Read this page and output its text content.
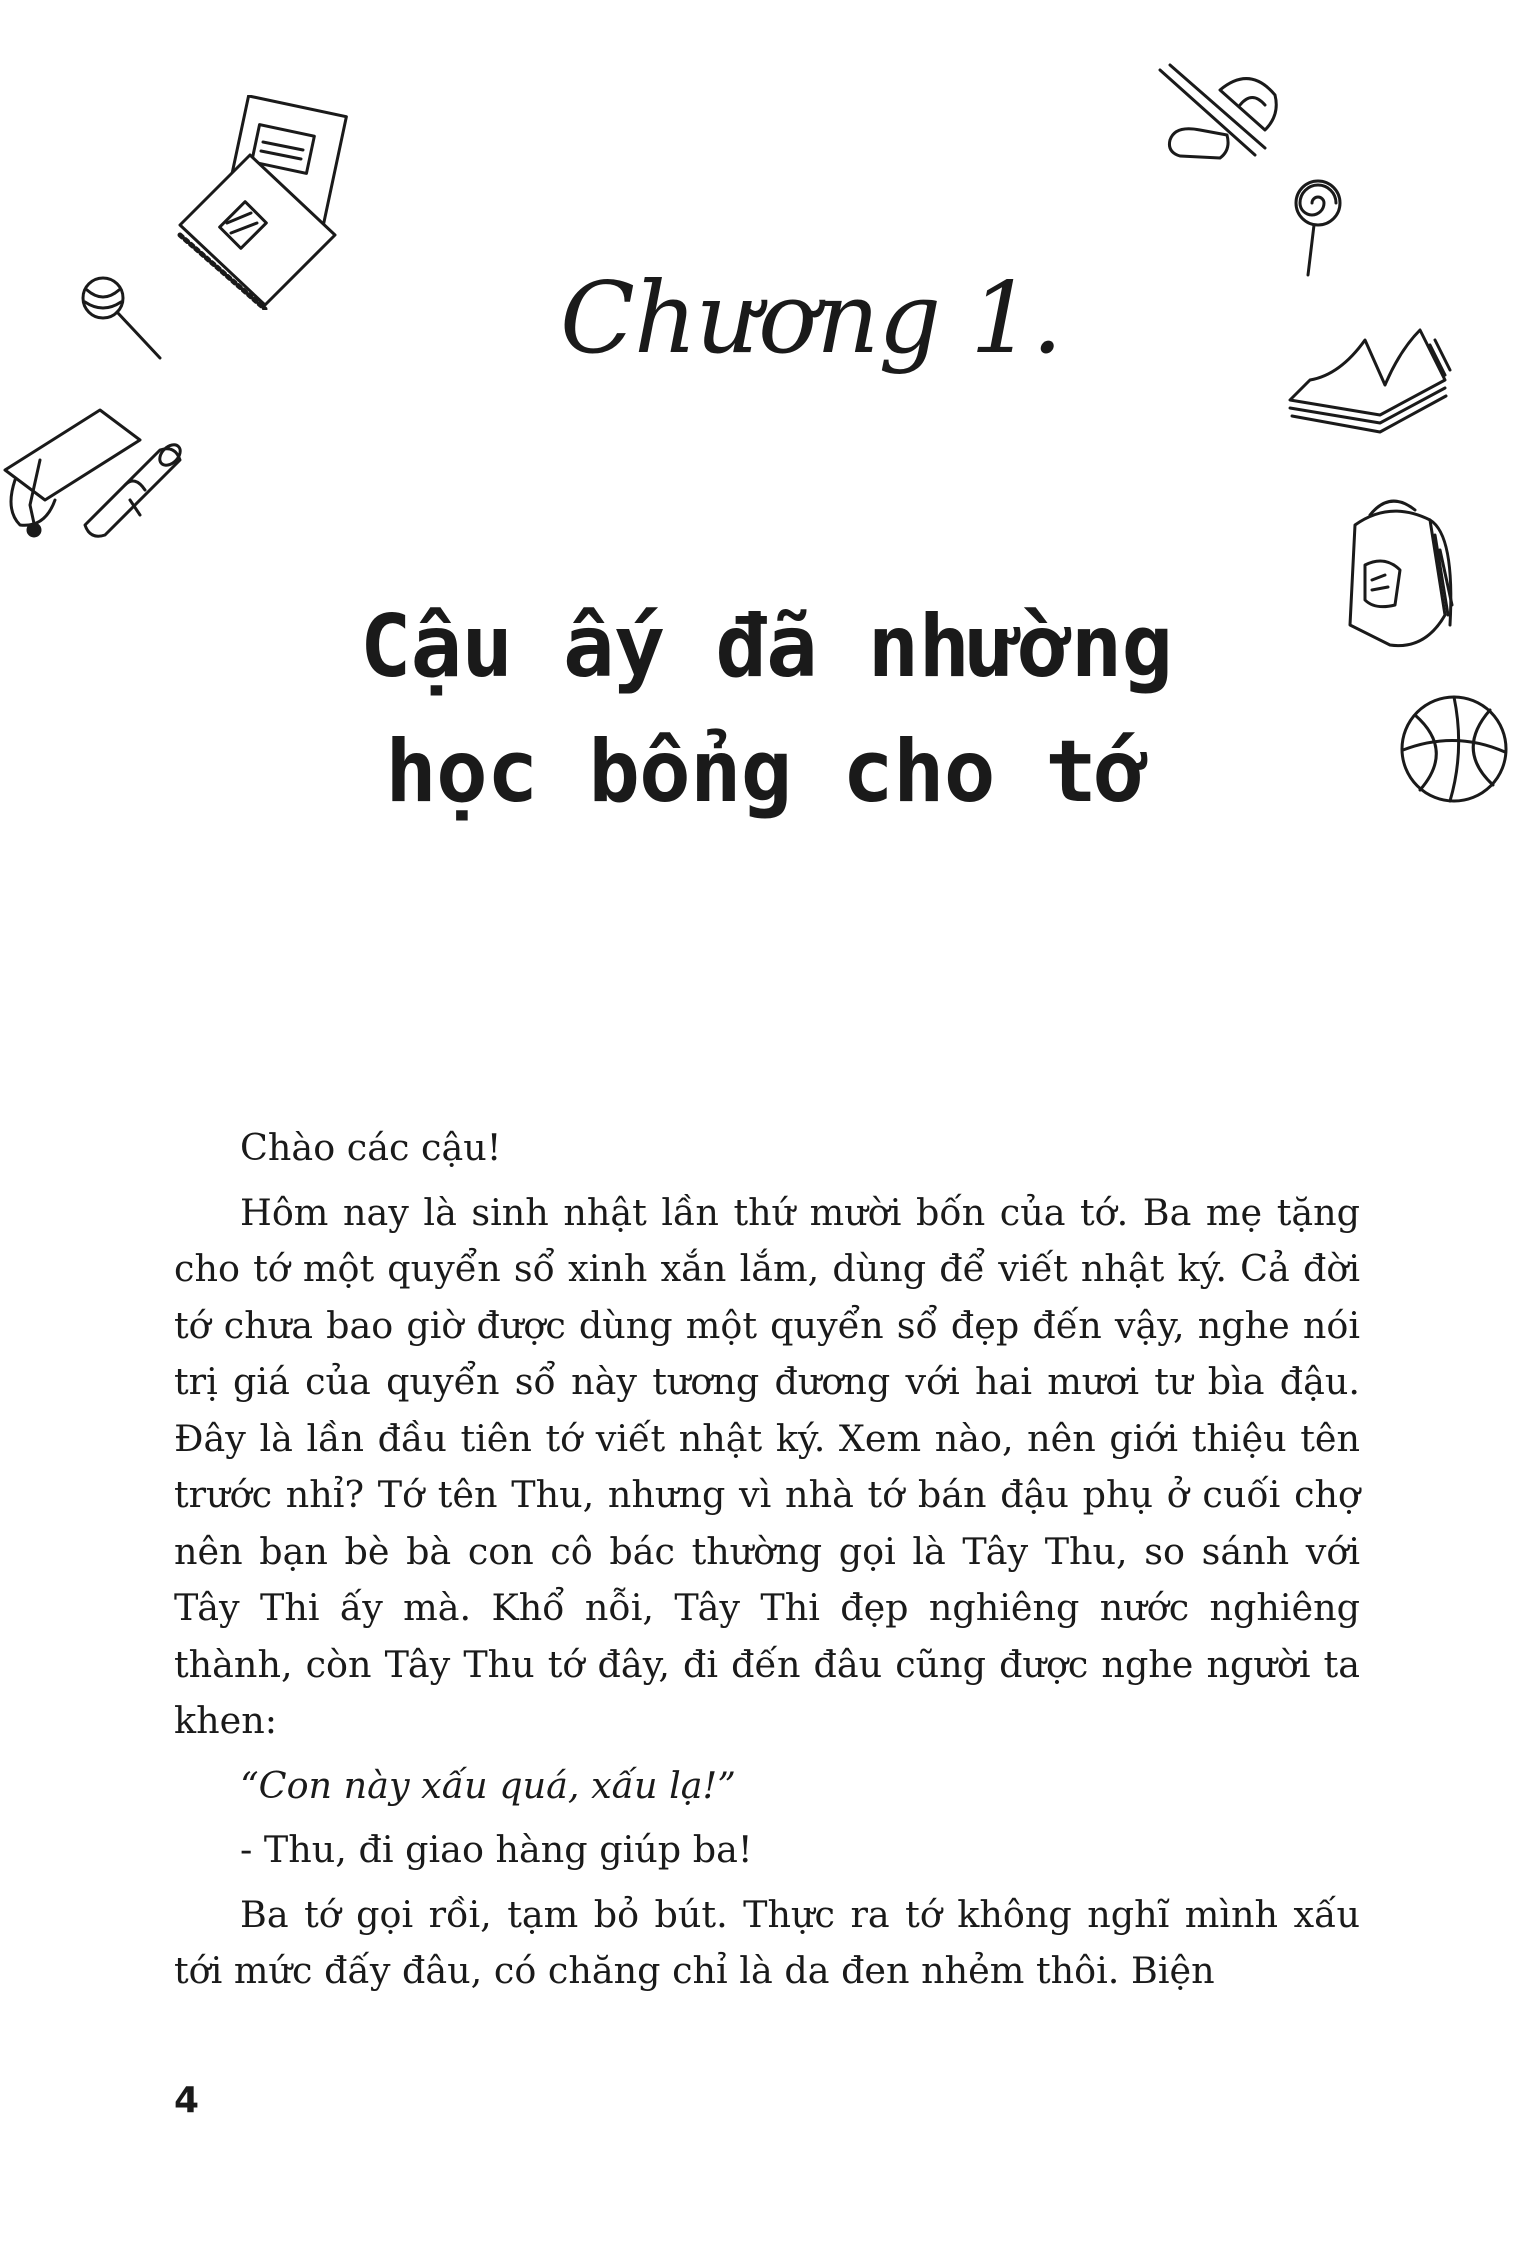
Chương 1.
Cậu ấy đã nhường
học bổng cho tớ

Chào các cậu!

Hôm nay là sinh nhật lần thứ mười bốn của tớ. Ba mẹ tặng cho tớ một quyển sổ xinh xắn lắm, dùng để viết nhật ký. Cả đời tớ chưa bao giờ được dùng một quyển sổ đẹp đến vậy, nghe nói trị giá của quyển sổ này tương đương với hai mươi tư bìa đậu. Đây là lần đầu tiên tớ viết nhật ký. Xem nào, nên giới thiệu tên trước nhỉ? Tớ tên Thu, nhưng vì nhà tớ bán đậu phụ ở cuối chợ nên bạn bè bà con cô bác thường gọi là Tây Thu, so sánh với Tây Thi ấy mà. Khổ nỗi, Tây Thi đẹp nghiêng nước nghiêng thành, còn Tây Thu tớ đây, đi đến đâu cũng được nghe người ta khen:

“Con này xấu quá, xấu lạ!”

- Thu, đi giao hàng giúp ba!

Ba tớ gọi rồi, tạm bỏ bút. Thực ra tớ không nghĩ mình xấu tới mức đấy đâu, có chăng chỉ là da đen nhẻm thôi. Biện

4
